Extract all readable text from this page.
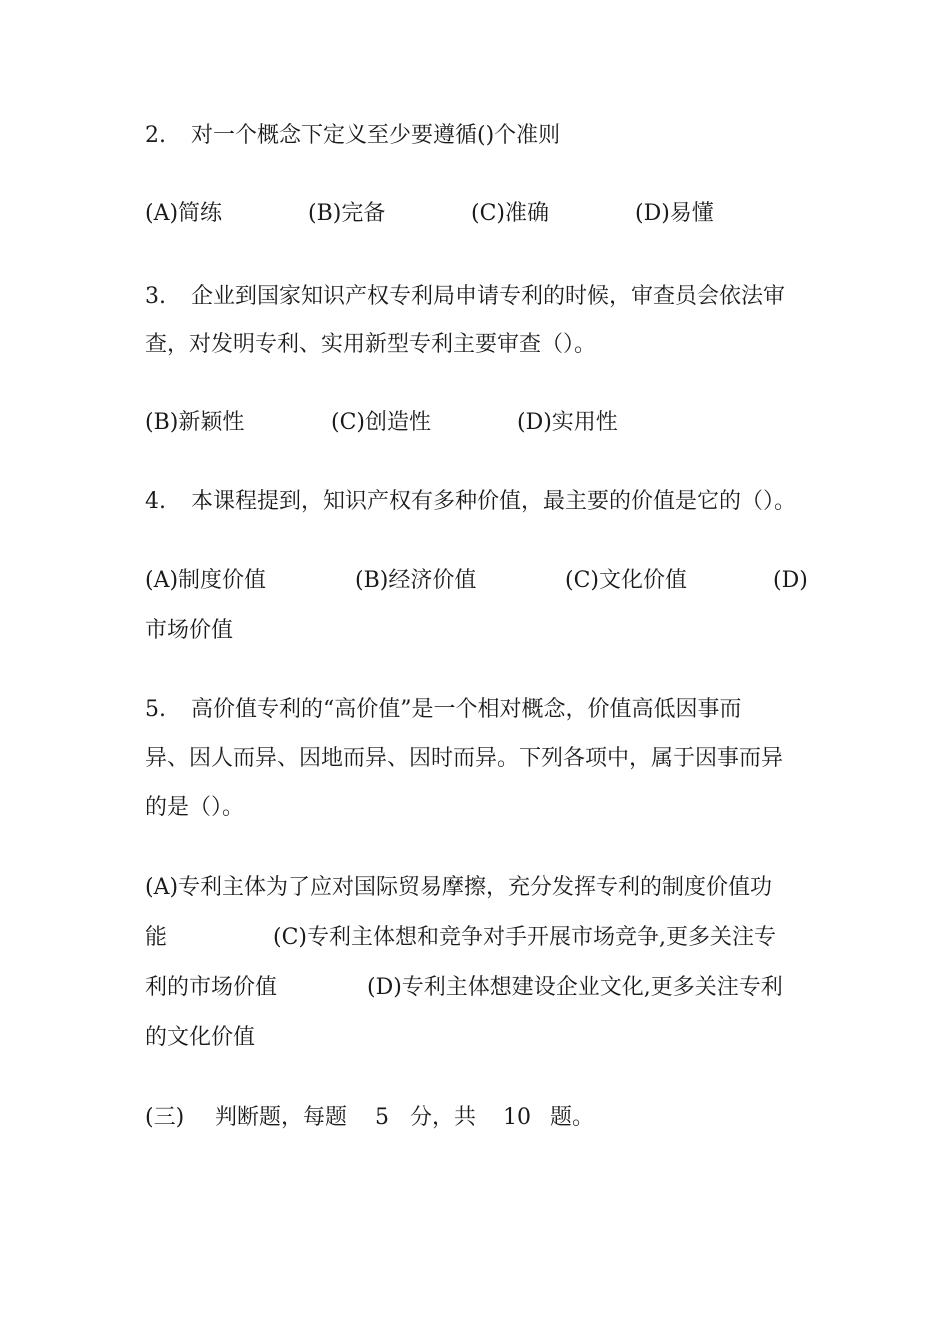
2. 对一个概念下定义至少要遵循()个准则
(A)简练	(B)完备	(C)准确	(D)易懂
3. 企业到国家知识产权专利局申请专利的时候，审查员会依法审
查，对发明专利、实用新型专利主要审查（）。
(B)新颖性	(C)创造性	(D)实用性
4. 本课程提到，知识产权有多种价值，最主要的价值是它的（）。
(A)制度价值	(B)经济价值	(C)文化价值	(D)
市场价值
5. 高价值专利的“高价值”是一个相对概念，价值高低因事而
异、因人而异、因地而异、因时而异。下列各项中，属于因事而异
的是（）。
(A)专利主体为了应对国际贸易摩擦，充分发挥专利的制度价值功
能	(C)专利主体想和竞争对手开展市场竞争,更多关注专
利的市场价值	(D)专利主体想建设企业文化,更多关注专利
的文化价值
(三) 判断题，每题 5 分，共 10 题。
